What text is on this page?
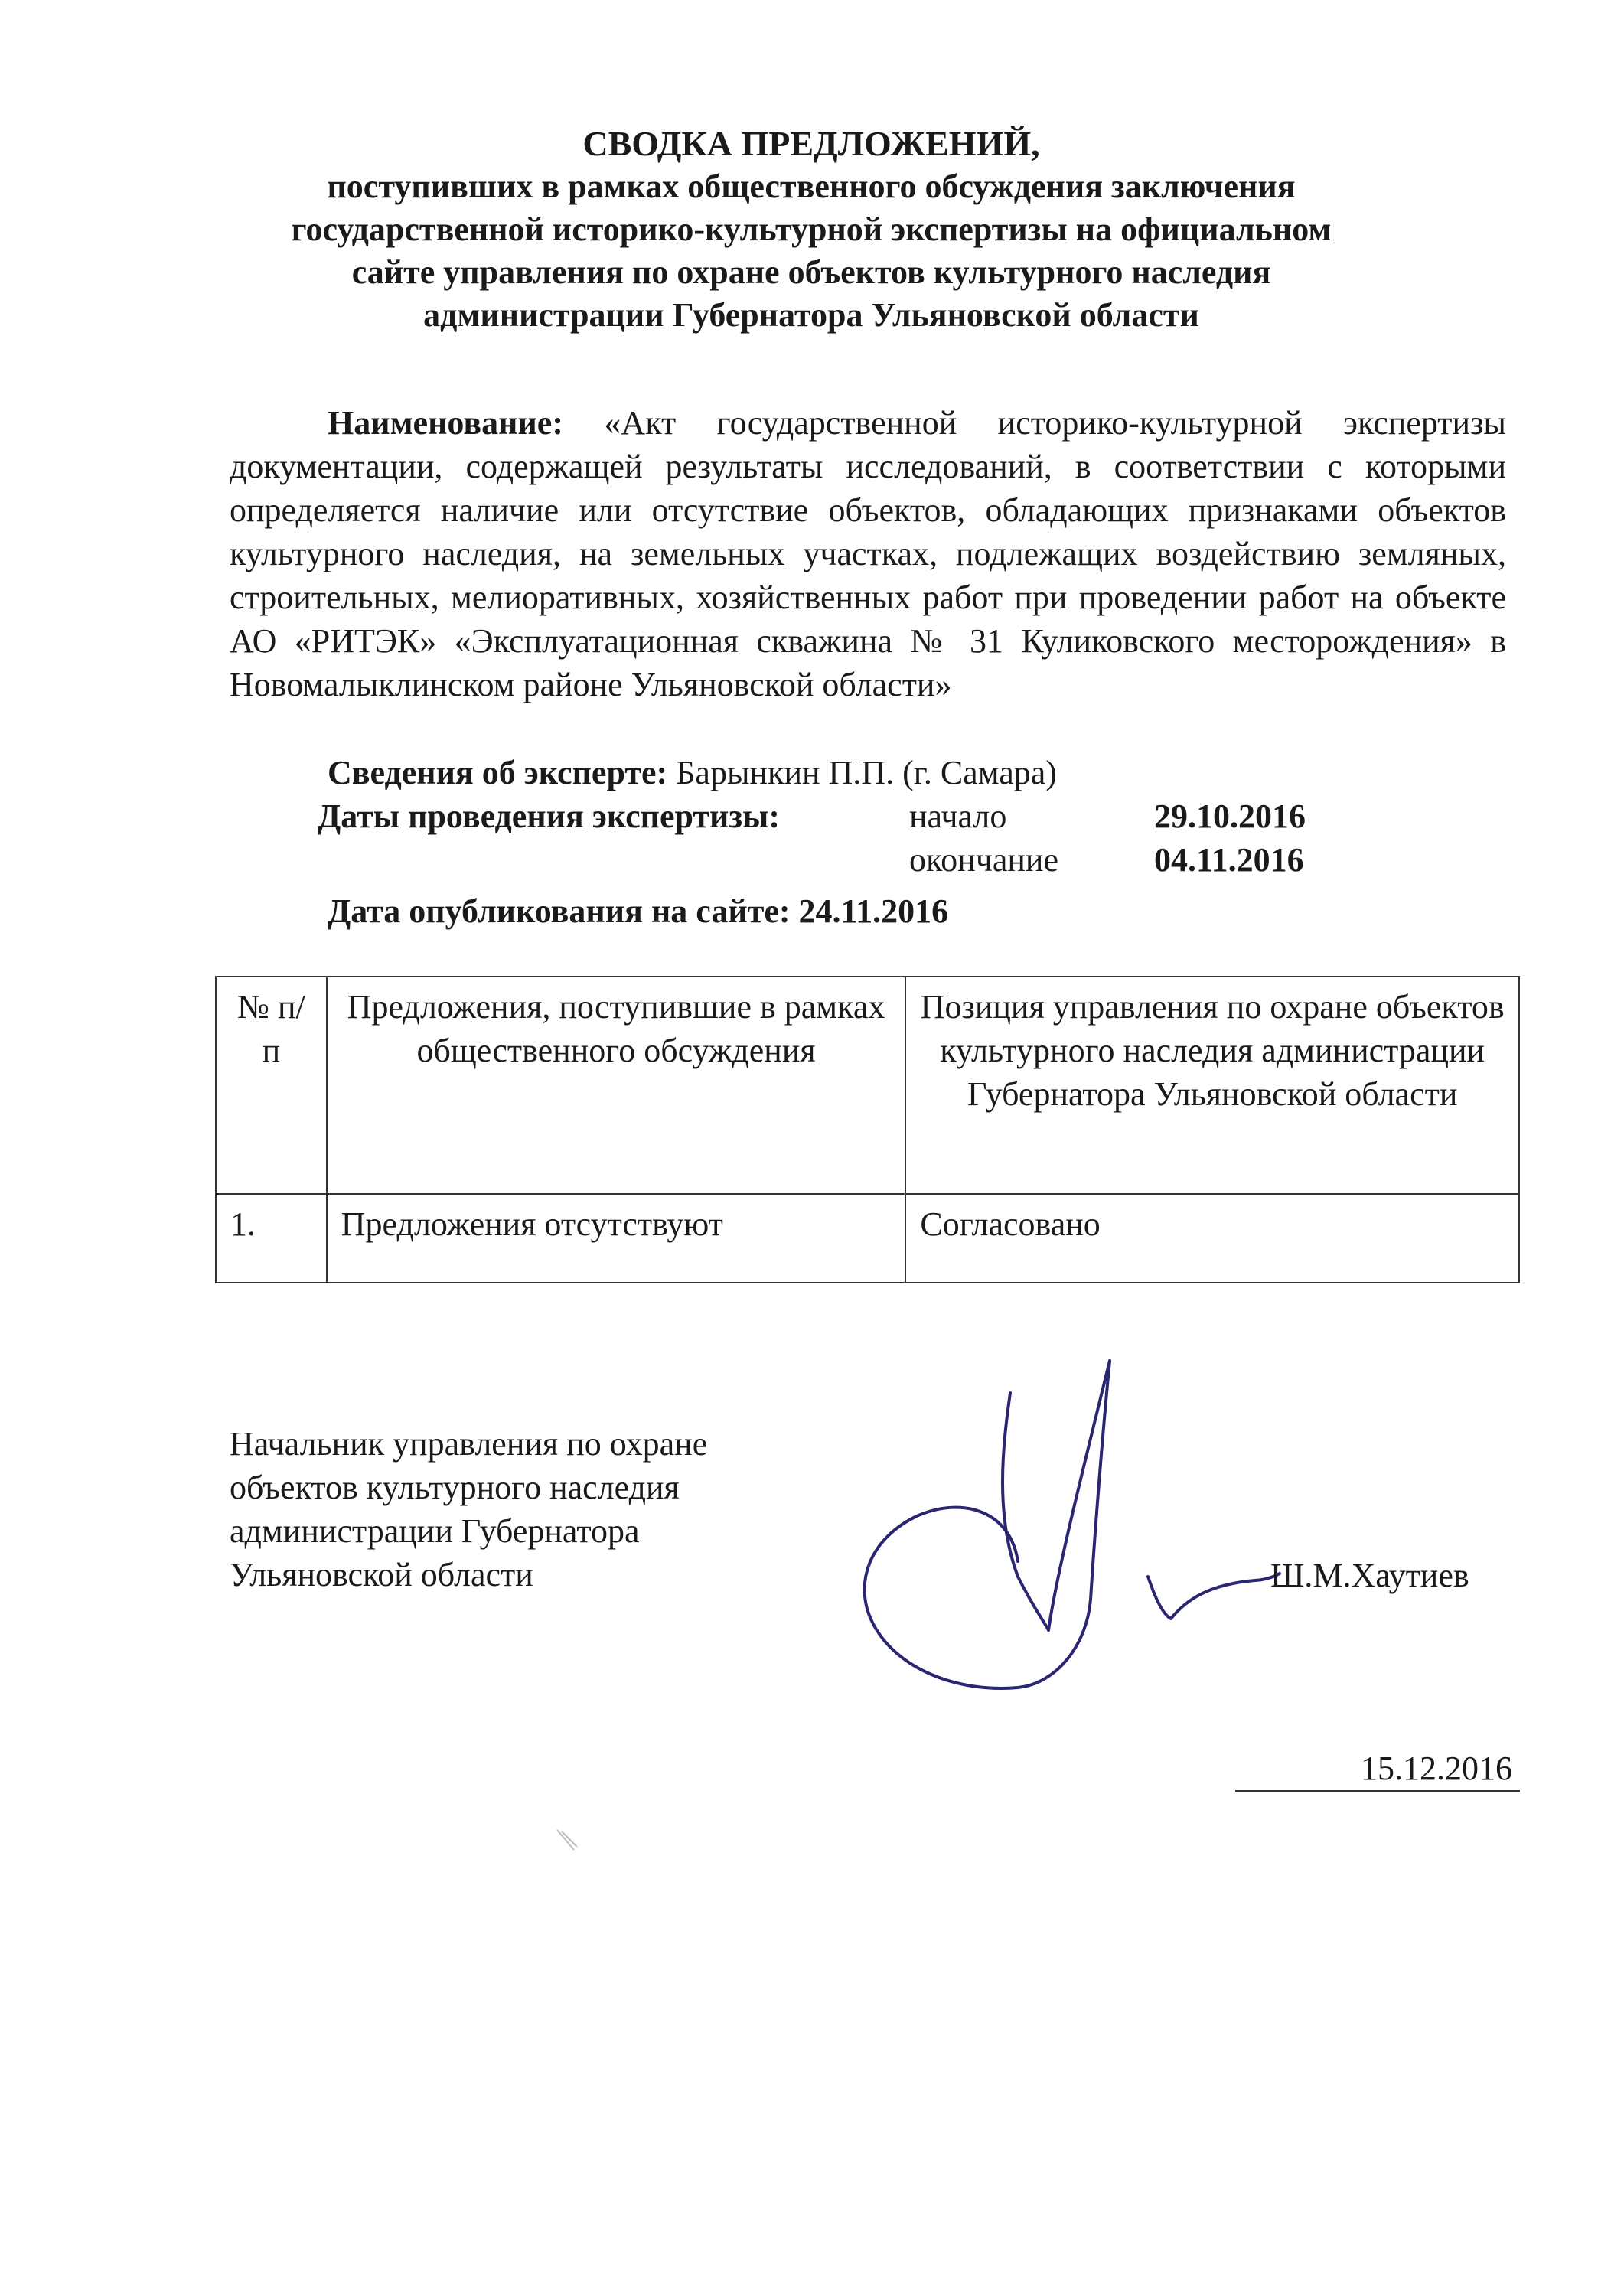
СВОДКА ПРЕДЛОЖЕНИЙ,
поступивших в рамках общественного обсуждения заключения
государственной историко-культурной экспертизы на официальном
сайте управления по охране объектов культурного наследия
администрации Губернатора Ульяновской области
Наименование: «Акт государственной историко-культурной экспертизы документации, содержащей результаты исследований, в соответствии с которыми определяется наличие или отсутствие объектов, обладающих признаками объектов культурного наследия, на земельных участках, подлежащих воздействию земляных, строительных, мелиоративных, хозяйственных работ при проведении работ на объекте АО «РИТЭК» «Эксплуатационная скважина № 31 Куликовского месторождения» в Новомалыклинском районе Ульяновской области»
Сведения об эксперте: Барынкин П.П. (г. Самара)
Даты проведения экспертизы:	начало	29.10.2016
окончание	04.11.2016
Дата опубликования на сайте: 24.11.2016
№ п/п	Предложения, поступившие в рамках общественного обсуждения	Позиция управления по охране объектов культурного наследия администрации Губернатора Ульяновской области
1.	Предложения отсутствуют	Согласовано
Начальник управления по охране
объектов культурного наследия
администрации Губернатора
Ульяновской области	Ш.М.Хаутиев
15.12.2016
